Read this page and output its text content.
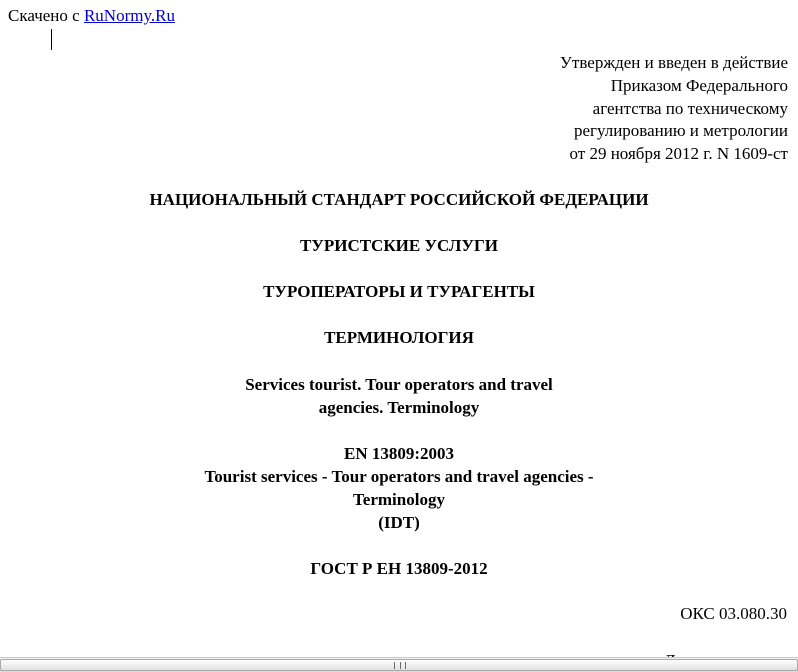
Скачено с RuNormy.Ru
Утвержден и введен в действие
Приказом Федерального
агентства по техническому
регулированию и метрологии
от 29 ноября 2012 г. N 1609-ст
НАЦИОНАЛЬНЫЙ СТАНДАРТ РОССИЙСКОЙ ФЕДЕРАЦИИ
ТУРИСТСКИЕ УСЛУГИ
ТУРОПЕРАТОРЫ И ТУРАГЕНТЫ
ТЕРМИНОЛОГИЯ
Services tourist. Tour operators and travel
agencies. Terminology
EN 13809:2003
Tourist services - Tour operators and travel agencies -
Terminology
(IDT)
ГОСТ Р ЕН 13809-2012
ОКС 03.080.30
